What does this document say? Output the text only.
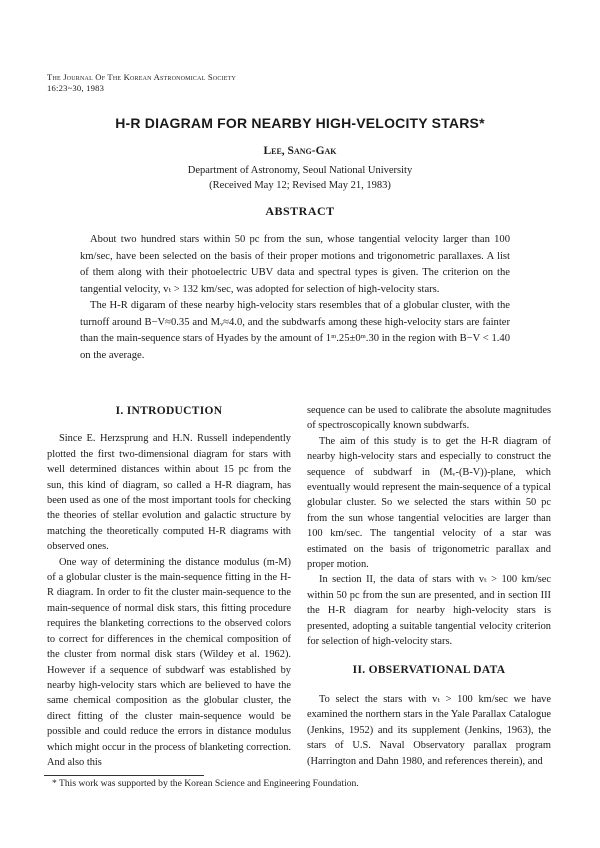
The Journal Of The Korean Astronomical Society
16:23~30, 1983
H-R DIAGRAM FOR NEARBY HIGH-VELOCITY STARS*
Lee, Sang-Gak
Department of Astronomy, Seoul National University
(Received May 12; Revised May 21, 1983)
ABSTRACT

About two hundred stars within 50 pc from the sun, whose tangential velocity larger than 100 km/sec, have been selected on the basis of their proper motions and trigonometric parallaxes. A list of them along with their photoelectric UBV data and spectral types is given. The criterion on the tangential velocity, vₜ > 132 km/sec, was adopted for selection of high-velocity stars.

The H-R digaram of these nearby high-velocity stars resembles that of a globular cluster, with the turnoff around B−V≈0.35 and Mᵥ≈4.0, and the subdwarfs among these high-velocity stars are fainter than the main-sequence stars of Hyades by the amount of 1ᵐ.25±0ᵐ.30 in the region with B−V < 1.40 on the average.

I. INTRODUCTION

Since E. Herzsprung and H.N. Russell independently plotted the first two-dimensional diagram for stars with well determined distances within about 15 pc from the sun, this kind of diagram, so called a H-R diagram, has been used as one of the most important tools for checking the theories of stellar evolution and galactic structure by matching the theoretically computed H-R diagrams with observed ones.

One way of determining the distance modulus (m-M) of a globular cluster is the main-sequence fitting in the H-R diagram. In order to fit the cluster main-sequence to the main-sequence of normal disk stars, this fitting procedure requires the blanketing corrections to the observed colors to correct for differences in the chemical composition of the cluster from normal disk stars (Wildey et al. 1962). However if a sequence of subdwarf was established by nearby high-velocity stars which are believed to have the same chemical composition as the globular cluster, the direct fitting of the cluster main-sequence would be possible and could reduce the errors in distance modulus which might occur in the process of blanketing correction. And also this

sequence can be used to calibrate the absolute magnitudes of spectroscopically known subdwarfs.

The aim of this study is to get the H-R diagram of nearby high-velocity stars and especially to construct the sequence of subdwarf in (Mᵥ-(B-V))-plane, which eventually would represent the main-sequence of a typical globular cluster. So we selected the stars within 50 pc from the sun whose tangential velocities are larger than 100 km/sec. The tangential velocity of a star was estimated on the basis of trigonometric parallax and proper motion.

In section II, the data of stars with vₜ > 100 km/sec within 50 pc from the sun are presented, and in section III the H-R diagram for nearby high-velocity stars is presented, adopting a suitable tangential velocity criterion for selection of high-velocity stars.

II. OBSERVATIONAL DATA

To select the stars with vₜ > 100 km/sec we have examined the northern stars in the Yale Parallax Catalogue (Jenkins, 1952) and its supplement (Jenkins, 1963), the stars of U.S. Naval Observatory parallax program (Harrington and Dahn 1980, and references therein), and

* This work was supported by the Korean Science and Engineering Foundation.
